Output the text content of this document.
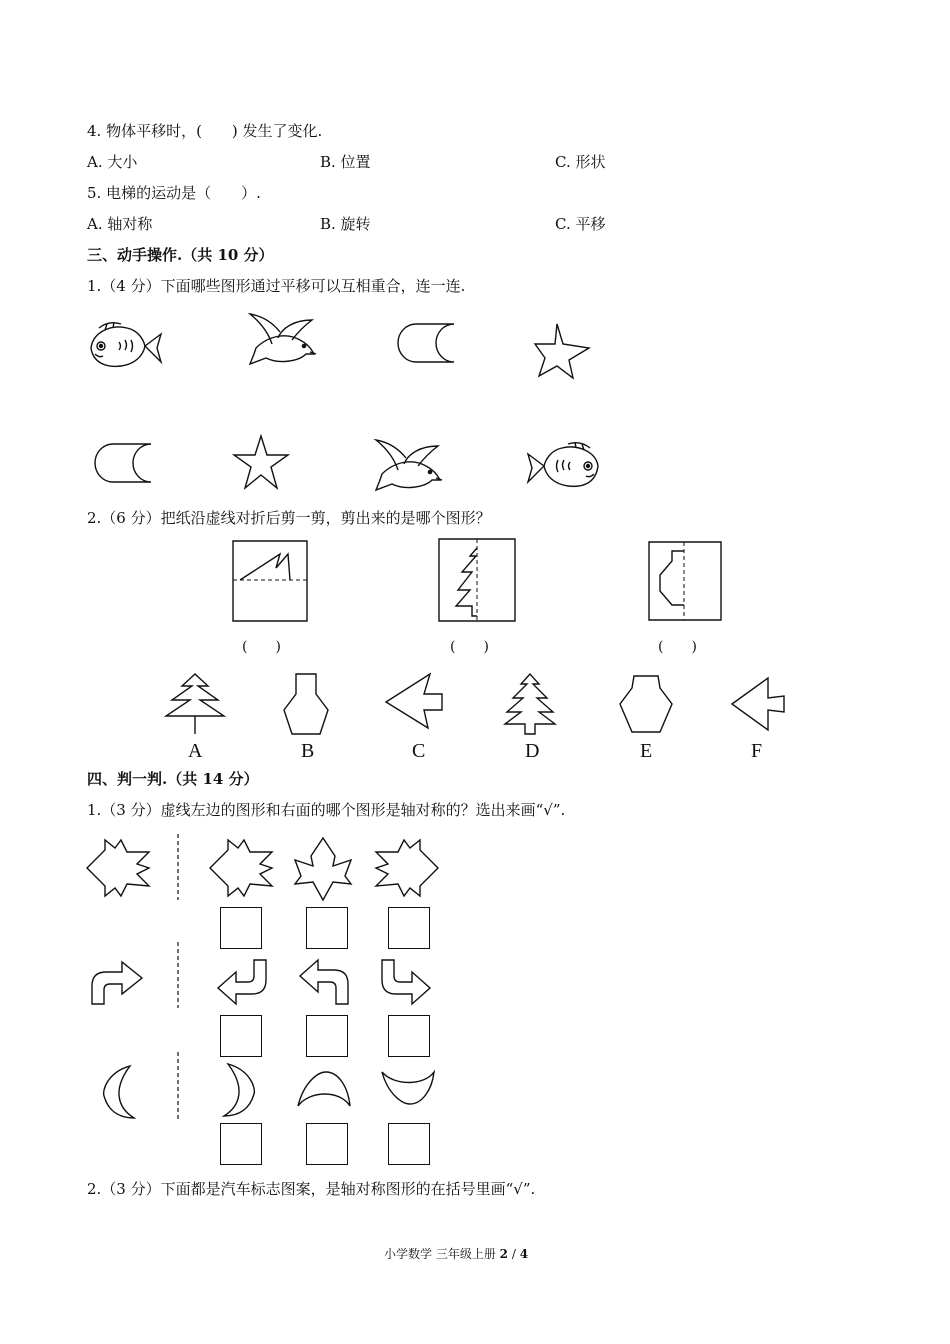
4. 物体平移时，(　　) 发生了变化.
A. 大小	B. 位置	C. 形状
5. 电梯的运动是（　　）.
A. 轴对称	B. 旋转	C. 平移
三、动手操作.（共 10 分）
1.（4 分）下面哪些图形通过平移可以互相重合，连一连.
2.（6 分）把纸沿虚线对折后剪一剪，剪出来的是哪个图形？
(　　)	(　　)	(　　)
A	B	C	D	E	F
四、判一判.（共 14 分）
1.（3 分）虚线左边的图形和右面的哪个图形是轴对称的？选出来画“√”.
2.（3 分）下面都是汽车标志图案，是轴对称图形的在括号里画“√”.
小学数学 三年级上册 2 / 4
